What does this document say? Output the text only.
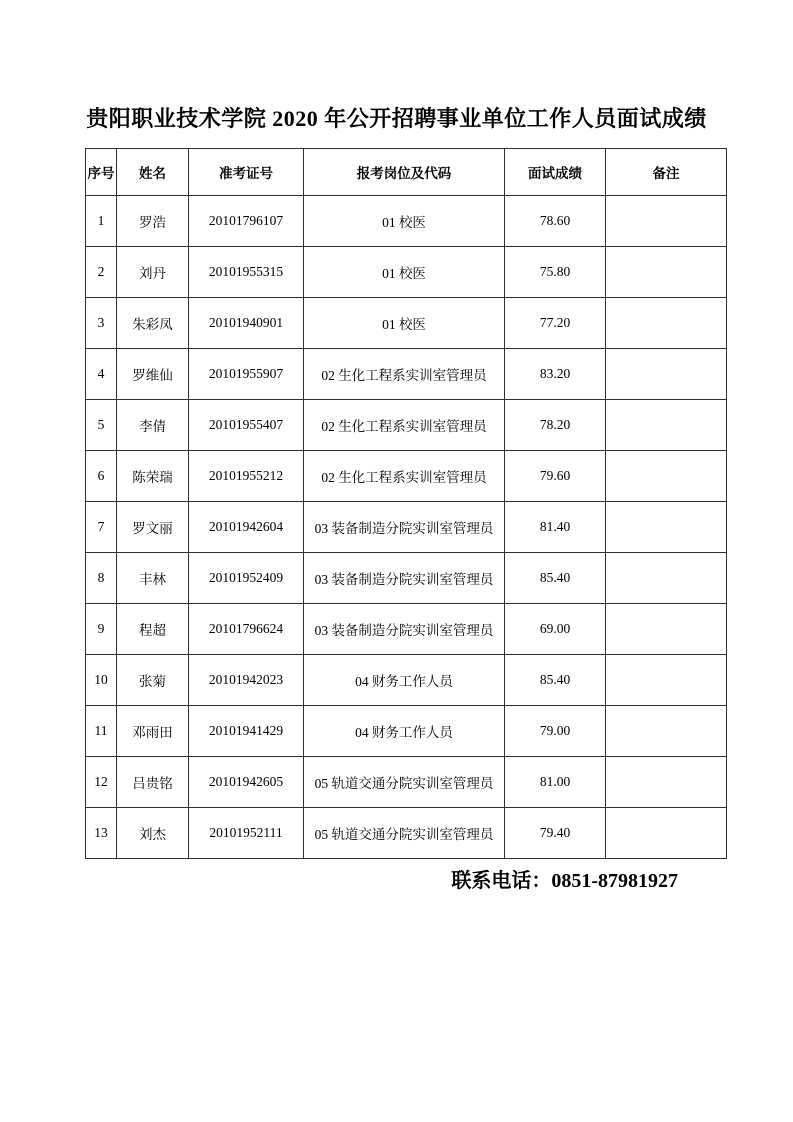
贵阳职业技术学院 2020 年公开招聘事业单位工作人员面试成绩
序号	姓名	准考证号	报考岗位及代码	面试成绩	备注
1	罗浩	20101796107	01 校医	78.60	
2	刘丹	20101955315	01 校医	75.80	
3	朱彩凤	20101940901	01 校医	77.20	
4	罗维仙	20101955907	02 生化工程系实训室管理员	83.20	
5	李倩	20101955407	02 生化工程系实训室管理员	78.20	
6	陈荣瑞	20101955212	02 生化工程系实训室管理员	79.60	
7	罗文丽	20101942604	03 装备制造分院实训室管理员	81.40	
8	丰林	20101952409	03 装备制造分院实训室管理员	85.40	
9	程超	20101796624	03 装备制造分院实训室管理员	69.00	
10	张菊	20101942023	04 财务工作人员	85.40	
11	邓雨田	20101941429	04 财务工作人员	79.00	
12	吕贵铭	20101942605	05 轨道交通分院实训室管理员	81.00	
13	刘杰	20101952111	05 轨道交通分院实训室管理员	79.40	
联系电话：0851-87981927
